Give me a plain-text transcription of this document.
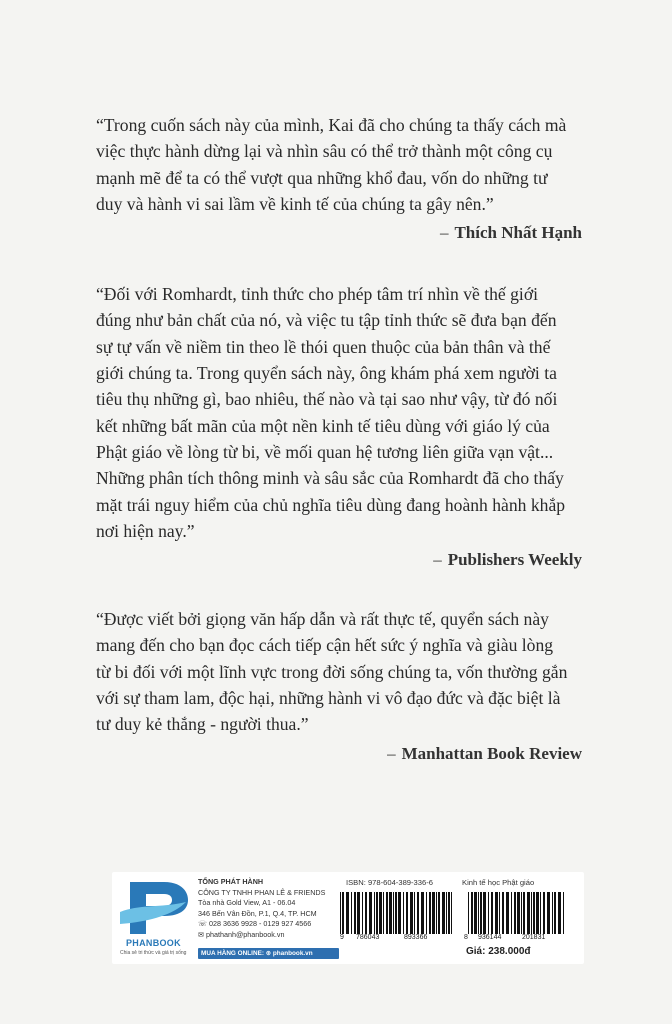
“Trong cuốn sách này của mình, Kai đã cho chúng ta thấy cách mà
việc thực hành dừng lại và nhìn sâu có thể trở thành một công cụ
mạnh mẽ để ta có thể vượt qua những khổ đau, vốn do những tư
duy và hành vi sai lầm về kinh tế của chúng ta gây nên.”

– Thích Nhất Hạnh

“Đối với Romhardt, tỉnh thức cho phép tâm trí nhìn về thế giới
đúng như bản chất của nó, và việc tu tập tỉnh thức sẽ đưa bạn đến
sự tự vấn về niềm tin theo lề thói quen thuộc của bản thân và thế
giới chúng ta. Trong quyển sách này, ông khám phá xem người ta
tiêu thụ những gì, bao nhiêu, thế nào và tại sao như vậy, từ đó nối
kết những bất mãn của một nền kinh tế tiêu dùng với giáo lý của
Phật giáo về lòng từ bi, về mối quan hệ tương liên giữa vạn vật...
Những phân tích thông minh và sâu sắc của Romhardt đã cho thấy
mặt trái nguy hiểm của chủ nghĩa tiêu dùng đang hoành hành khắp
nơi hiện nay.”

– Publishers Weekly

“Được viết bởi giọng văn hấp dẫn và rất thực tế, quyển sách này
mang đến cho bạn đọc cách tiếp cận hết sức ý nghĩa và giàu lòng
từ bi đối với một lĩnh vực trong đời sống chúng ta, vốn thường gắn
với sự tham lam, độc hại, những hành vi vô đạo đức và đặc biệt là
tư duy kẻ thắng - người thua.”

– Manhattan Book Review
PHANBOOK
Chia sẻ tri thức và giá trị sống
TỔNG PHÁT HÀNH
CÔNG TY TNHH PHAN LÊ & FRIENDS
Tòa nhà Gold View, A1 - 06.04
346 Bến Vân Đồn, P.1, Q.4, TP. HCM
☏ 028 3636 9928 - 0129 927 4566
✉ phathanh@phanbook.vn
MUA HÀNG ONLINE: ⊕ phanbook.vn
ISBN: 978-604-389-336-6	Kinh tế học Phật giáo
9 786043	893366	8 936144	201831
Giá: 238.000đ
